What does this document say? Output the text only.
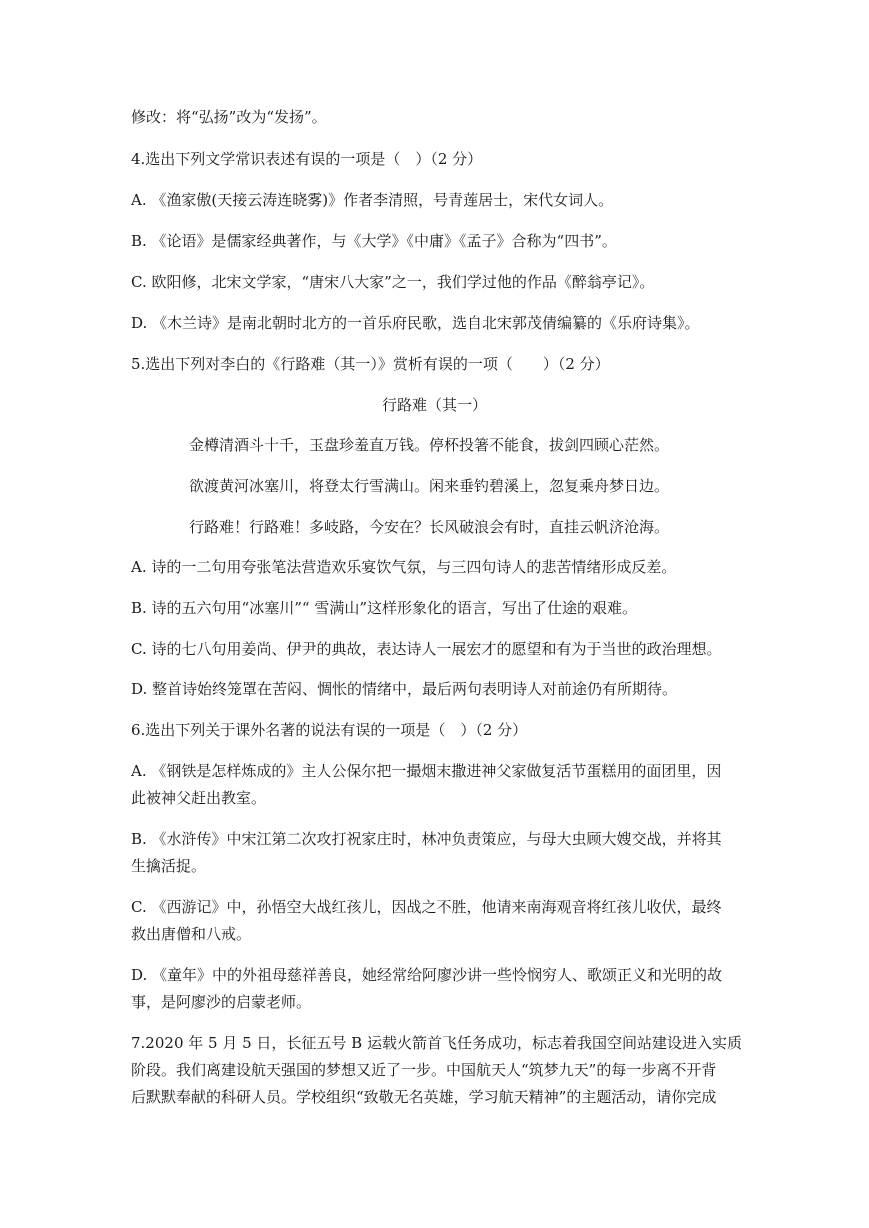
修改：将“弘扬”改为“发扬”。
4.选出下列文学常识表述有误的一项是（　）（2 分）
A. 《渔家傲(天接云涛连晓雾)》作者李清照，号青莲居士，宋代女词人。
B. 《论语》是儒家经典著作，与《大学》《中庸》《孟子》合称为“四书”。
C. 欧阳修，北宋文学家，“唐宋八大家”之一，我们学过他的作品《醉翁亭记》。
D. 《木兰诗》是南北朝时北方的一首乐府民歌，选自北宋郭茂倩编纂的《乐府诗集》。
5.选出下列对李白的《行路难（其一）》赏析有误的一项（　　）（2 分）
行路难（其一）
金樽清酒斗十千，玉盘珍羞直万钱。停杯投箸不能食，拔剑四顾心茫然。
欲渡黄河冰塞川，将登太行雪满山。闲来垂钓碧溪上，忽复乘舟梦日边。
行路难！行路难！多岐路，今安在？长风破浪会有时，直挂云帆济沧海。
A. 诗的一二句用夸张笔法营造欢乐宴饮气氛，与三四句诗人的悲苦情绪形成反差。
B. 诗的五六句用“冰塞川”“ 雪满山”这样形象化的语言，写出了仕途的艰难。
C. 诗的七八句用姜尚、伊尹的典故，表达诗人一展宏才的愿望和有为于当世的政治理想。
D. 整首诗始终笼罩在苦闷、惆怅的情绪中，最后两句表明诗人对前途仍有所期待。
6.选出下列关于课外名著的说法有误的一项是（　）（2 分）
A. 《钢铁是怎样炼成的》主人公保尔把一撮烟末撒进神父家做复活节蛋糕用的面团里，因
此被神父赶出教室。
B. 《水浒传》中宋江第二次攻打祝家庄时，林冲负责策应，与母大虫顾大嫂交战，并将其
生擒活捉。
C. 《西游记》中，孙悟空大战红孩儿，因战之不胜，他请来南海观音将红孩儿收伏，最终
救出唐僧和八戒。
D. 《童年》中的外祖母慈祥善良，她经常给阿廖沙讲一些怜悯穷人、歌颂正义和光明的故
事，是阿廖沙的启蒙老师。
7.2020 年 5 月 5 日，长征五号 B 运载火箭首飞任务成功，标志着我国空间站建设进入实质
阶段。我们离建设航天强国的梦想又近了一步。中国航天人“筑梦九天”的每一步离不开背
后默默奉献的科研人员。学校组织“致敬无名英雄，学习航天精神”的主题活动，请你完成
